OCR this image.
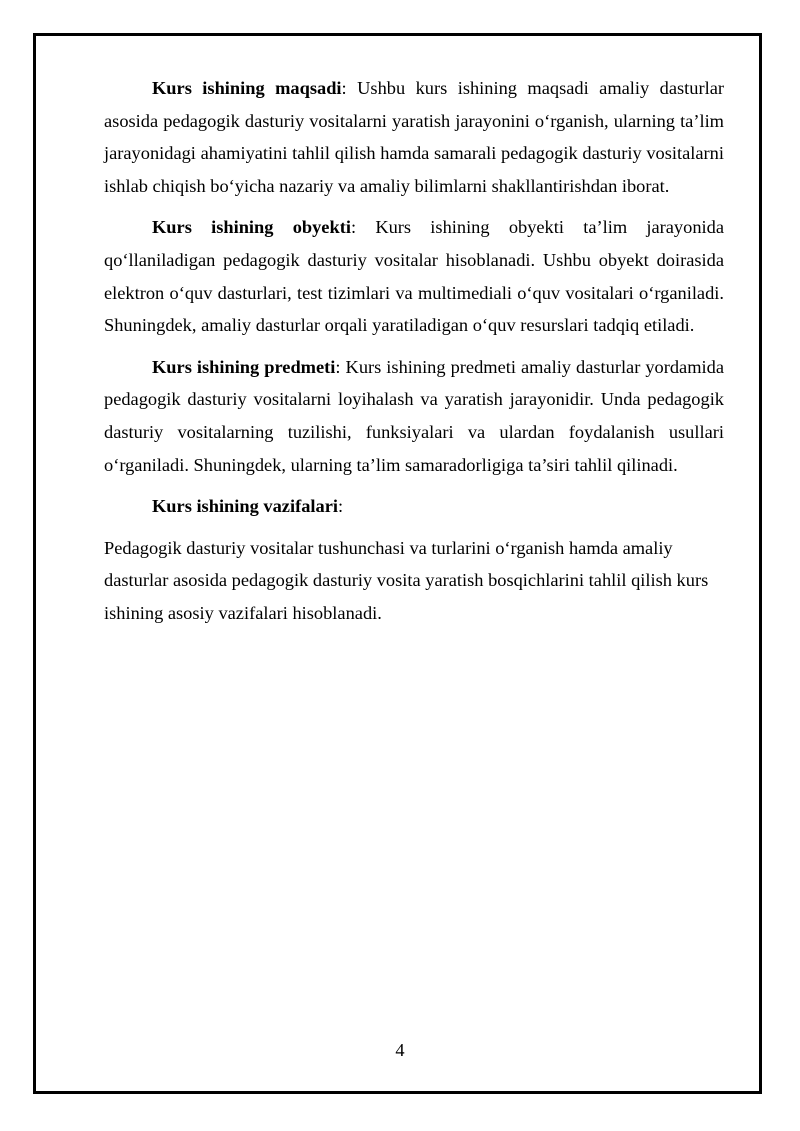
Kurs ishining maqsadi: Ushbu kurs ishining maqsadi amaliy dasturlar asosida pedagogik dasturiy vositalarni yaratish jarayonini o‘rganish, ularning ta’lim jarayonidagi ahamiyatini tahlil qilish hamda samarali pedagogik dasturiy vositalarni ishlab chiqish bo‘yicha nazariy va amaliy bilimlarni shakllantirishdan iborat.

Kurs ishining obyekti: Kurs ishining obyekti ta’lim jarayonida qo‘llaniladigan pedagogik dasturiy vositalar hisoblanadi. Ushbu obyekt doirasida elektron o‘quv dasturlari, test tizimlari va multimediali o‘quv vositalari o‘rganiladi. Shuningdek, amaliy dasturlar orqali yaratiladigan o‘quv resurslari tadqiq etiladi.

Kurs ishining predmeti: Kurs ishining predmeti amaliy dasturlar yordamida pedagogik dasturiy vositalarni loyihalash va yaratish jarayonidir. Unda pedagogik dasturiy vositalarning tuzilishi, funksiyalari va ulardan foydalanish usullari o‘rganiladi. Shuningdek, ularning ta’lim samaradorligiga ta’siri tahlil qilinadi.

Kurs ishining vazifalari:

Pedagogik dasturiy vositalar tushunchasi va turlarini o‘rganish hamda amaliy dasturlar asosida pedagogik dasturiy vosita yaratish bosqichlarini tahlil qilish kurs ishining asosiy vazifalari hisoblanadi.

4
